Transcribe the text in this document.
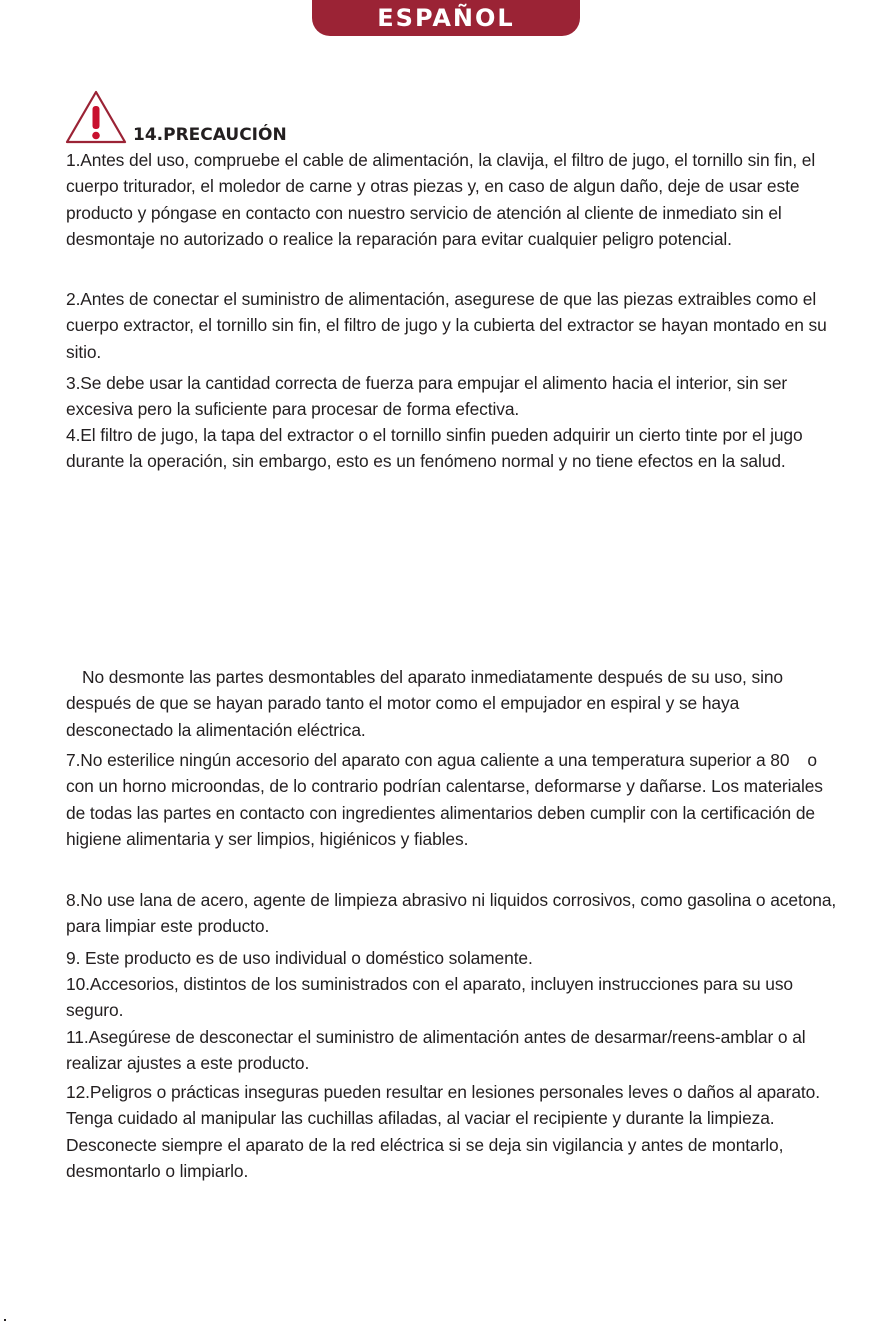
ESPAÑOL
14.PRECAUCIÓN

1.Antes del uso, compruebe el cable de alimentación, la clavija, el filtro de jugo, el tornillo sin fin, el cuerpo triturador, el moledor de carne y otras piezas y, en caso de algun daño, deje de usar este producto y póngase en contacto con nuestro servicio de atención al cliente de inmediato sin el desmontaje no autorizado o realice la reparación para evitar cualquier peligro potencial.

2.Antes de conectar el suministro de alimentación, asegurese de que las piezas extraibles como el cuerpo extractor, el tornillo sin fin, el filtro de jugo y la cubierta del extractor se hayan montado en su sitio.

3.Se debe usar la cantidad correcta de fuerza para empujar el alimento hacia el interior, sin ser excesiva pero la suficiente para procesar de forma efectiva.

4.El filtro de jugo, la tapa del extractor o el tornillo sinfin pueden adquirir un cierto tinte por el jugo durante la operación, sin embargo, esto es un fenómeno normal y no tiene efectos en la salud.

No desmonte las partes desmontables del aparato inmediatamente después de su uso, sino después de que se hayan parado tanto el motor como el empujador en espiral y se haya desconectado la alimentación eléctrica.

7.No esterilice ningún accesorio del aparato con agua caliente a una temperatura superior a 80 o con un horno microondas, de lo contrario podrían calentarse, deformarse y dañarse. Los materiales de todas las partes en contacto con ingredientes alimentarios deben cumplir con la certificación de higiene alimentaria y ser limpios, higiénicos y fiables.

8.No use lana de acero, agente de limpieza abrasivo ni liquidos corrosivos, como gasolina o acetona, para limpiar este producto.

9. Este producto es de uso individual o doméstico solamente.

10.Accesorios, distintos de los suministrados con el aparato, incluyen instrucciones para su uso seguro.

11.Asegúrese de desconectar el suministro de alimentación antes de desarmar/reens-amblar o al realizar ajustes a este producto.

12.Peligros o prácticas inseguras pueden resultar en lesiones personales leves o daños al aparato. Tenga cuidado al manipular las cuchillas afiladas, al vaciar el recipiente y durante la limpieza. Desconecte siempre el aparato de la red eléctrica si se deja sin vigilancia y antes de montarlo, desmontarlo o limpiarlo.
